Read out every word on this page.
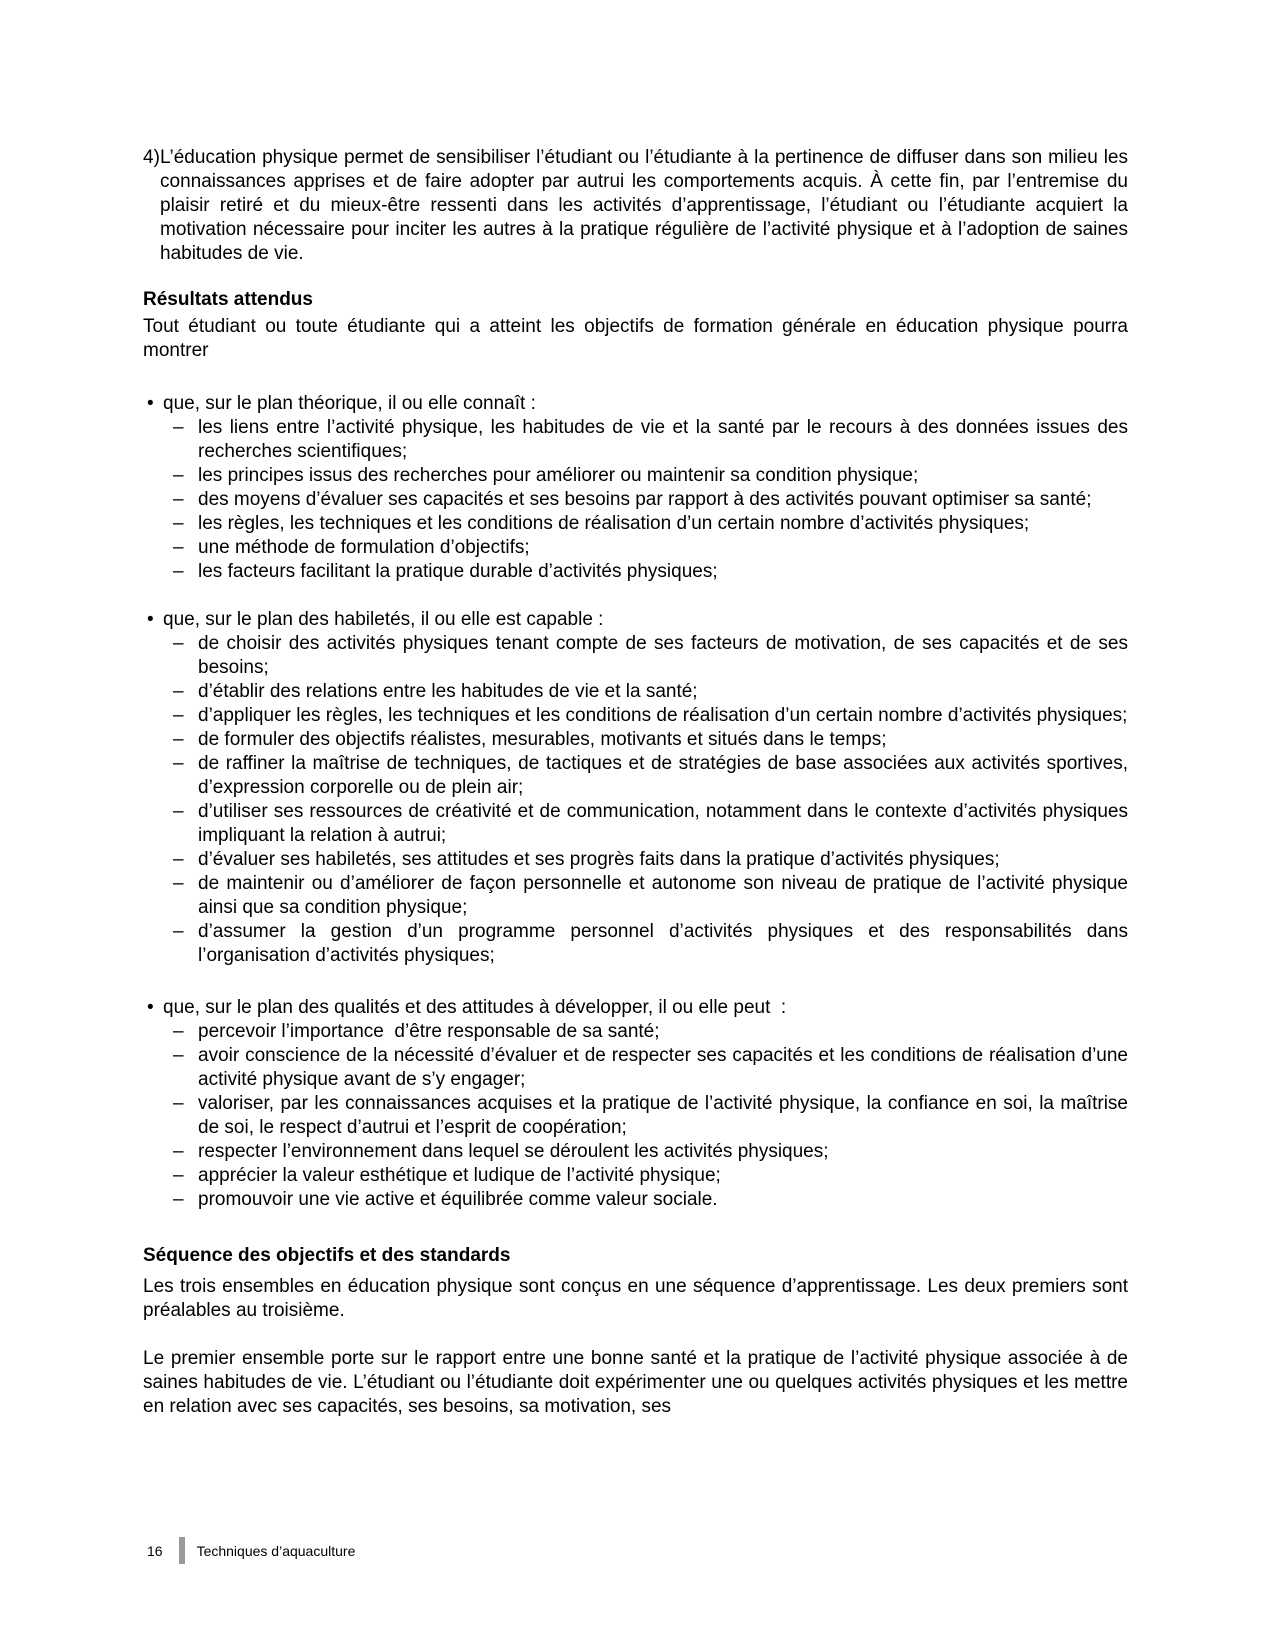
4) L’éducation physique permet de sensibiliser l’étudiant ou l’étudiante à la pertinence de diffuser dans son milieu les connaissances apprises et de faire adopter par autrui les comportements acquis. À cette fin, par l’entremise du plaisir retiré et du mieux-être ressenti dans les activités d’apprentissage, l’étudiant ou l’étudiante acquiert la motivation nécessaire pour inciter les autres à la pratique régulière de l’activité physique et à l’adoption de saines habitudes de vie.
Résultats attendus
Tout étudiant ou toute étudiante qui a atteint les objectifs de formation générale en éducation physique pourra montrer
• que, sur le plan théorique, il ou elle connaît :
– les liens entre l’activité physique, les habitudes de vie et la santé par le recours à des données issues des recherches scientifiques;
– les principes issus des recherches pour améliorer ou maintenir sa condition physique;
– des moyens d’évaluer ses capacités et ses besoins par rapport à des activités pouvant optimiser sa santé;
– les règles, les techniques et les conditions de réalisation d’un certain nombre d’activités physiques;
– une méthode de formulation d’objectifs;
– les facteurs facilitant la pratique durable d’activités physiques;
• que, sur le plan des habiletés, il ou elle est capable :
– de choisir des activités physiques tenant compte de ses facteurs de motivation, de ses capacités et de ses besoins;
– d’établir des relations entre les habitudes de vie et la santé;
– d’appliquer les règles, les techniques et les conditions de réalisation d’un certain nombre d’activités physiques;
– de formuler des objectifs réalistes, mesurables, motivants et situés dans le temps;
– de raffiner la maîtrise de techniques, de tactiques et de stratégies de base associées aux activités sportives, d’expression corporelle ou de plein air;
– d’utiliser ses ressources de créativité et de communication, notamment dans le contexte d’activités physiques impliquant la relation à autrui;
– d’évaluer ses habiletés, ses attitudes et ses progrès faits dans la pratique d’activités physiques;
– de maintenir ou d’améliorer de façon personnelle et autonome son niveau de pratique de l’activité physique ainsi que sa condition physique;
– d’assumer la gestion d’un programme personnel d’activités physiques et des responsabilités dans l’organisation d’activités physiques;
• que, sur le plan des qualités et des attitudes à développer, il ou elle peut  :
– percevoir l’importance  d’être responsable de sa santé;
– avoir conscience de la nécessité d’évaluer et de respecter ses capacités et les conditions de réalisation d’une activité physique avant de s’y engager;
– valoriser, par les connaissances acquises et la pratique de l’activité physique, la confiance en soi, la maîtrise de soi, le respect d’autrui et l’esprit de coopération;
– respecter l’environnement dans lequel se déroulent les activités physiques;
– apprécier la valeur esthétique et ludique de l’activité physique;
– promouvoir une vie active et équilibrée comme valeur sociale.
Séquence des objectifs et des standards
Les trois ensembles en éducation physique sont conçus en une séquence d’apprentissage. Les deux premiers sont préalables au troisième.
Le premier ensemble porte sur le rapport entre une bonne santé et la pratique de l’activité physique associée à de saines habitudes de vie. L’étudiant ou l’étudiante doit expérimenter une ou quelques activités physiques et les mettre en relation avec ses capacités, ses besoins, sa motivation, ses
16 Techniques d’aquaculture
